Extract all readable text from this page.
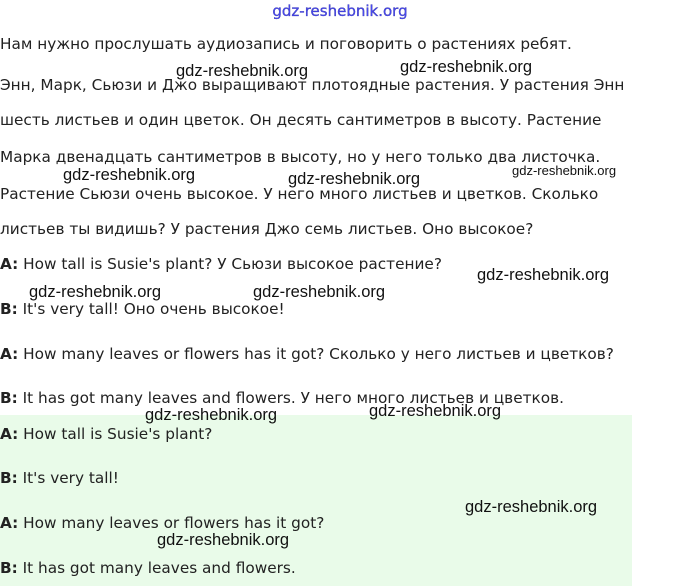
gdz-reshebnik.org
Нам нужно прослушать аудиозапись и поговорить о растениях ребят.
Энн, Марк, Сьюзи и Джо выращивают плотоядные растения. У растения Энн
шесть листьев и один цветок. Он десять сантиметров в высоту. Растение
Марка двенадцать сантиметров в высоту, но у него только два листочка.
Растение Сьюзи очень высокое. У него много листьев и цветков. Сколько
листьев ты видишь? У растения Джо семь листьев. Оно высокое?
A: How tall is Susie's plant? У Сьюзи высокое растение?
B: It's very tall! Оно очень высокое!
A: How many leaves or flowers has it got? Сколько у него листьев и цветков?
B: It has got many leaves and flowers. У него много листьев и цветков.
A: How tall is Susie's plant?
B: It's very tall!
A: How many leaves or flowers has it got?
B: It has got many leaves and flowers.
gdz-reshebnik.org	gdz-reshebnik.org
gdz-reshebnik.org	gdz-reshebnik.org	gdz-reshebnik.org
gdz-reshebnik.org
gdz-reshebnik.org	gdz-reshebnik.org
gdz-reshebnik.org	gdz-reshebnik.org
gdz-reshebnik.org
gdz-reshebnik.org
